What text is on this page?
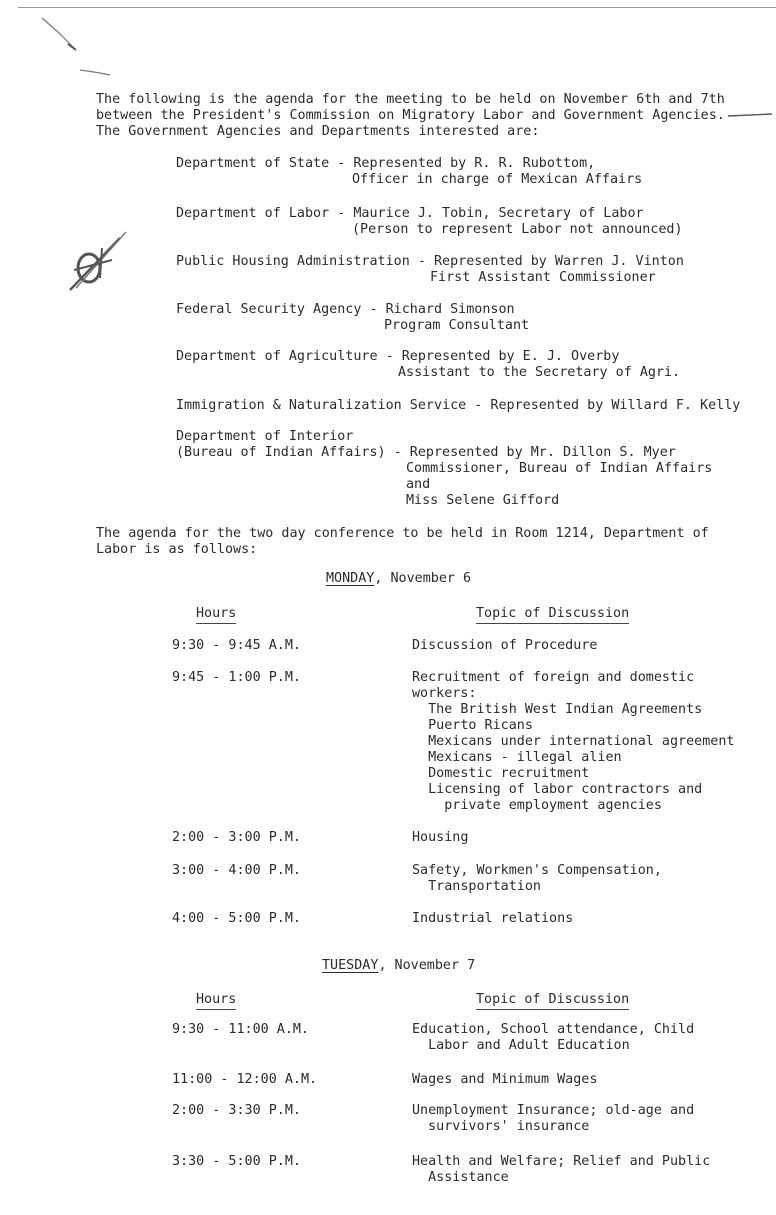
The following is the agenda for the meeting to be held on November 6th and 7th
between the President's Commission on Migratory Labor and Government Agencies.
The Government Agencies and Departments interested are:
Department of State - Represented by R. R. Rubottom,
Officer in charge of Mexican Affairs
Department of Labor - Maurice J. Tobin, Secretary of Labor
(Person to represent Labor not announced)
Public Housing Administration - Represented by Warren J. Vinton
First Assistant Commissioner
Federal Security Agency - Richard Simonson
Program Consultant
Department of Agriculture - Represented by E. J. Overby
Assistant to the Secretary of Agri.
Immigration & Naturalization Service - Represented by Willard F. Kelly
Department of Interior
(Bureau of Indian Affairs) - Represented by Mr. Dillon S. Myer
Commissioner, Bureau of Indian Affairs
and
Miss Selene Gifford
The agenda for the two day conference to be held in Room 1214, Department of
Labor is as follows:
MONDAY, November 6
Hours	Topic of Discussion
9:30 - 9:45 A.M.	Discussion of Procedure
9:45 - 1:00 P.M.	Recruitment of foreign and domestic
workers:
The British West Indian Agreements
Puerto Ricans
Mexicans under international agreement
Mexicans - illegal alien
Domestic recruitment
Licensing of labor contractors and
private employment agencies
2:00 - 3:00 P.M.	Housing
3:00 - 4:00 P.M.	Safety, Workmen's Compensation,
Transportation
4:00 - 5:00 P.M.	Industrial relations
TUESDAY, November 7
Hours	Topic of Discussion
9:30 - 11:00 A.M.	Education, School attendance, Child
Labor and Adult Education
11:00 - 12:00 A.M.	Wages and Minimum Wages
2:00 - 3:30 P.M.	Unemployment Insurance; old-age and
survivors' insurance
3:30 - 5:00 P.M.	Health and Welfare; Relief and Public
Assistance
